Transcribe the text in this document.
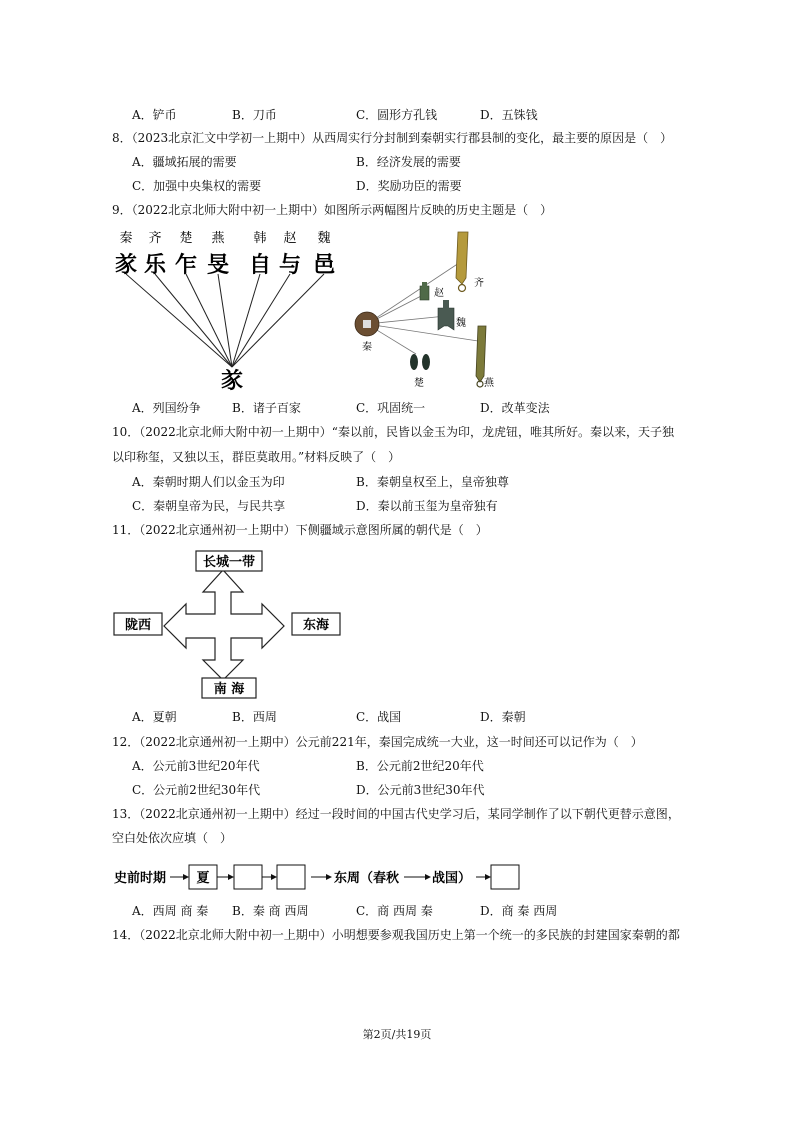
A．铲币	B．刀币	C．圆形方孔钱	D．五铢钱
8．（2023北京汇文中学初一上期中）从西周实行分封制到秦朝实行郡县制的变化，最主要的原因是（　）
A．疆域拓展的需要	B．经济发展的需要
C．加强中央集权的需要	D．奖励功臣的需要
9．（2022北京北师大附中初一上期中）如图所示两幅图片反映的历史主题是（　）
秦 齐 楚 燕 韩 赵 魏
㒸 乐 乍 旻 自 与 邑
㒸
齐
赵
魏
秦
楚	燕
A．列国纷争	B．诸子百家	C．巩固统一	D．改革变法
10．（2022北京北师大附中初一上期中）“秦以前，民皆以金玉为印，龙虎钮，唯其所好。秦以来，天子独
以印称玺，又独以玉，群臣莫敢用。”材料反映了（　）
A．秦朝时期人们以金玉为印	B．秦朝皇权至上，皇帝独尊
C．秦朝皇帝为民，与民共享	D．秦以前玉玺为皇帝独有
11．（2022北京通州初一上期中）下侧疆域示意图所属的朝代是（　）
长城一带
陇西	东海
南 海
A．夏朝	B．西周	C．战国	D．秦朝
12．（2022北京通州初一上期中）公元前221年，秦国完成统一大业，这一时间还可以记作为（　）
A．公元前3世纪20年代	B．公元前2世纪20年代
C．公元前2世纪30年代	D．公元前3世纪30年代
13．（2022北京通州初一上期中）经过一段时间的中国古代史学习后，某同学制作了以下朝代更替示意图，
空白处依次应填（　）
史前时期 夏	东周（春秋	战国）
A．西周 商 秦 B．秦 商 西周	C．商 西周 秦	D．商 秦 西周
14．（2022北京北师大附中初一上期中）小明想要参观我国历史上第一个统一的多民族的封建国家秦朝的都
第2页/共19页
